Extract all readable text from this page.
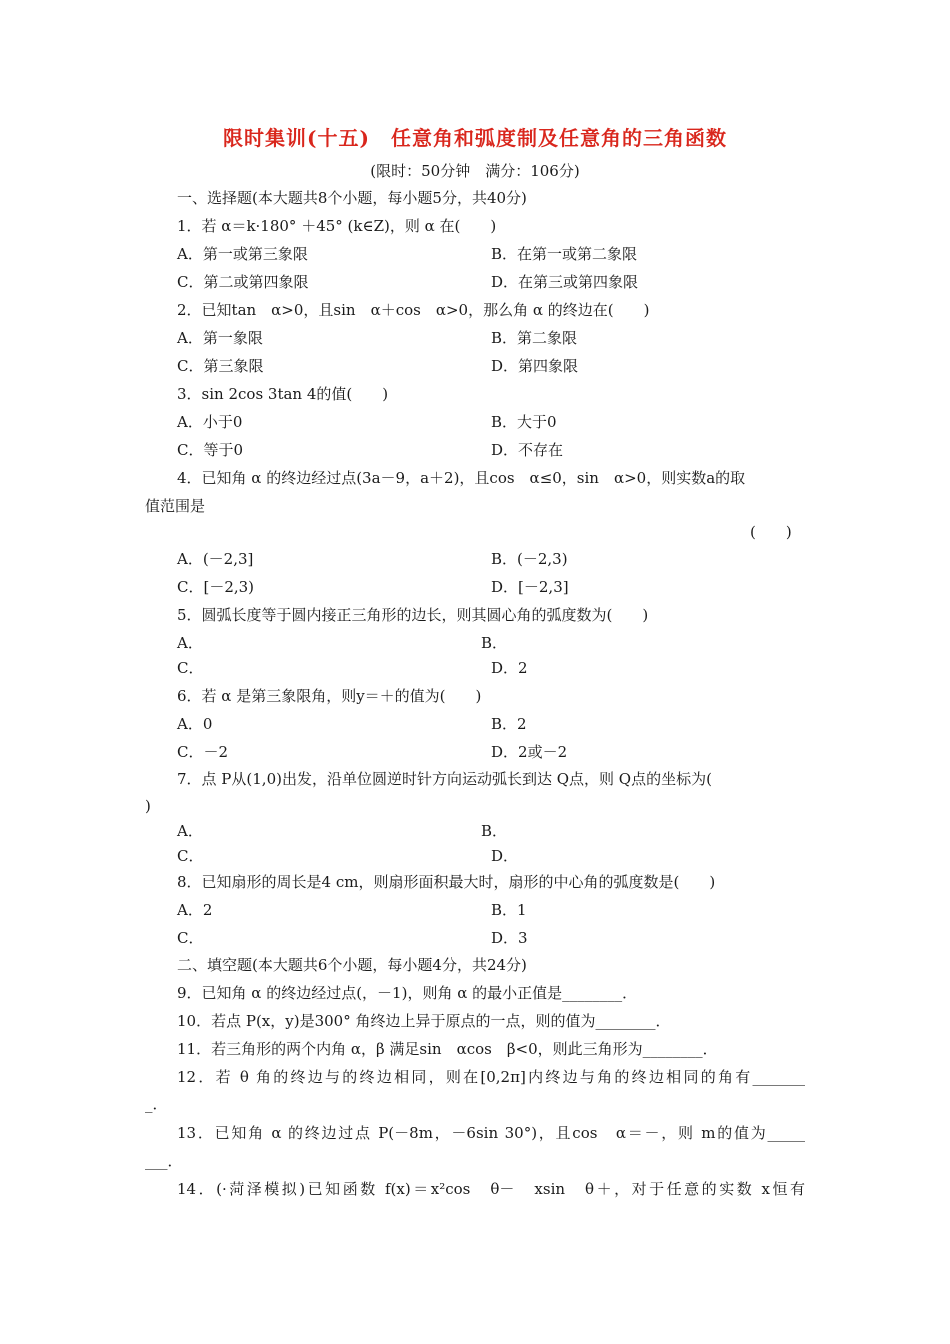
限时集训(十五)　任意角和弧度制及任意角的三角函数
(限时：50分钟　满分：106分)
一、选择题(本大题共8个小题，每小题5分，共40分)
1．若 α＝k·180° ＋45° (k∈Z)，则 α 在(　　)
A．第一或第三象限	B．在第一或第二象限
C．第二或第四象限	D．在第三或第四象限
2．已知tan　α>0，且sin　α＋cos　α>0，那么角 α 的终边在(　　)
A．第一象限	B．第二象限
C．第三象限	D．第四象限
3．sin 2cos 3tan 4的值(　　)
A．小于0	B．大于0
C．等于0	D．不存在
4．已知角 α 的终边经过点(3a－9，a＋2)，且cos　α≤0，sin　α>0，则实数a的取
值范围是
(　　)
A．(－2,3]	B．(－2,3)
C．[－2,3)	D．[－2,3]
5．圆弧长度等于圆内接正三角形的边长，则其圆心角的弧度数为(　　)
A．	B．
C．	D．2
6．若 α 是第三象限角，则y＝＋的值为(　　)
A．0	B．2
C．－2	D．2或－2
7．点 P从(1,0)出发，沿单位圆逆时针方向运动弧长到达 Q点，则 Q点的坐标为(
)
A．	B．
C．	D．
8．已知扇形的周长是4 cm，则扇形面积最大时，扇形的中心角的弧度数是(　　)
A．2	B．1
C．	D．3
二、填空题(本大题共6个小题，每小题4分，共24分)
9．已知角 α 的终边经过点(，－1)，则角 α 的最小正值是________．
10．若点 P(x，y)是300° 角终边上异于原点的一点，则的值为________．
11．若三角形的两个内角 α，β 满足sin　αcos　β<0，则此三角形为________．
12．若 θ 角的终边与的终边相同，则在[0,2π]内终边与角的终边相同的角有_______
_．
13．已知角 α 的终边过点 P(－8m，－6sin 30°)，且cos　α＝－，则 m的值为_____
___．
14．(·菏泽模拟)已知函数 f(x)＝x²cos　θ－　xsin　θ＋，对于任意的实数 x恒有
